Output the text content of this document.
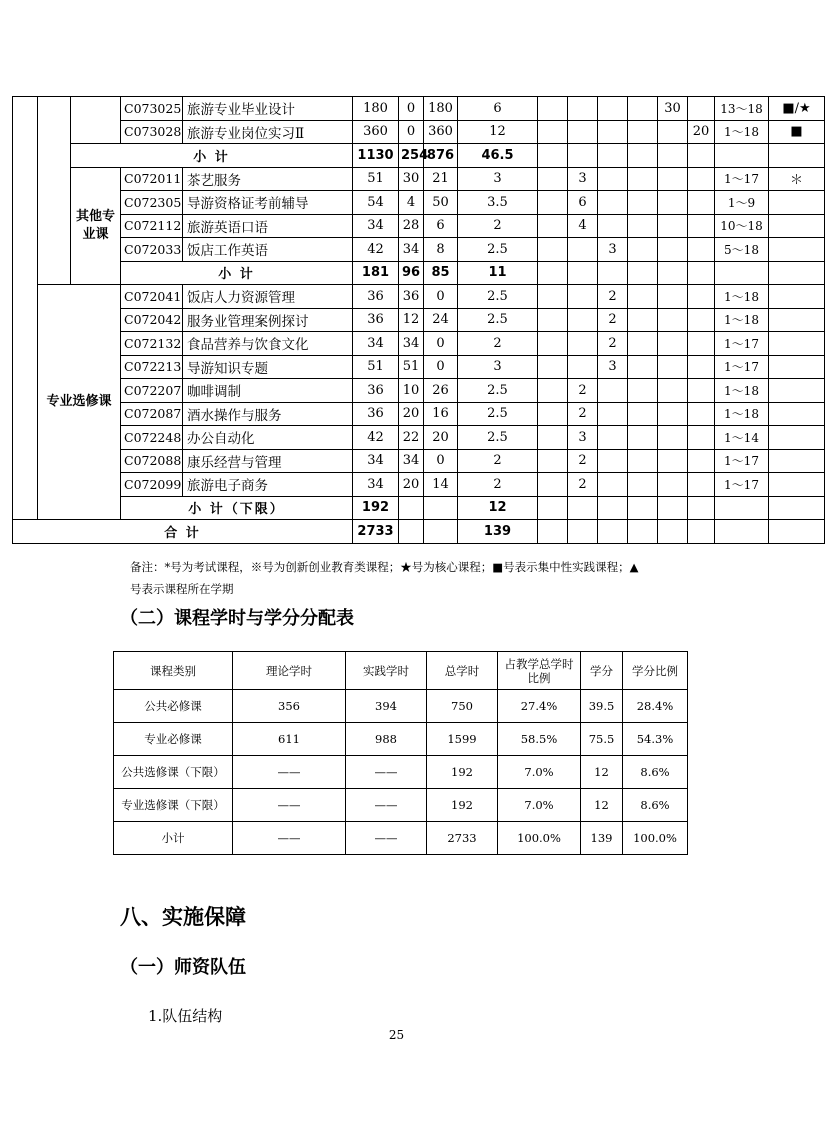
			C073025	旅游专业毕业设计	180	0	180	6					30		13～18	■/★
			C073028	旅游专业岗位实习Ⅱ	360	0	360	12						20	1～18	■
		小 计			1130	254	876	46.5								
		其他专业课	C072011	茶艺服务	51	30	21	3		3					1～17	＊
			C072305	导游资格证考前辅导	54	4	50	3.5		6					1～9	
			C072112	旅游英语口语	34	28	6	2		4					10～18	
			C072033	饭店工作英语	42	34	8	2.5			3				5～18	
			小 计		181	96	85	11								
	专业选修课		C072041	饭店人力资源管理	36	36	0	2.5			2				1～18	
			C072042	服务业管理案例探讨	36	12	24	2.5			2				1～18	
			C072132	食品营养与饮食文化	34	34	0	2			2				1～17	
			C072213	导游知识专题	51	51	0	3			3				1～17	
			C072207	咖啡调制	36	10	26	2.5		2					1～18	
			C072087	酒水操作与服务	36	20	16	2.5		2					1～18	
			C072248	办公自动化	42	22	20	2.5		3					1～14	
			C072088	康乐经营与管理	34	34	0	2		2					1～17	
			C072099	旅游电子商务	34	20	14	2		2					1～17	
			小 计（下限）		192			12								
合 计					2733			139								
备注：*号为考试课程，※号为创新创业教育类课程；★号为核心课程；■号表示集中性实践课程；▲
号表示课程所在学期
（二）课程学时与学分分配表
课程类别	理论学时	实践学时	总学时	占教学总学时比例	学分	学分比例
公共必修课	356	394	750	27.4%	39.5	28.4%
专业必修课	611	988	1599	58.5%	75.5	54.3%
公共选修课（下限）	——	——	192	7.0%	12	8.6%
专业选修课（下限）	——	——	192	7.0%	12	8.6%
小计	——	——	2733	100.0%	139	100.0%
八、实施保障
（一）师资队伍
1.队伍结构
25
